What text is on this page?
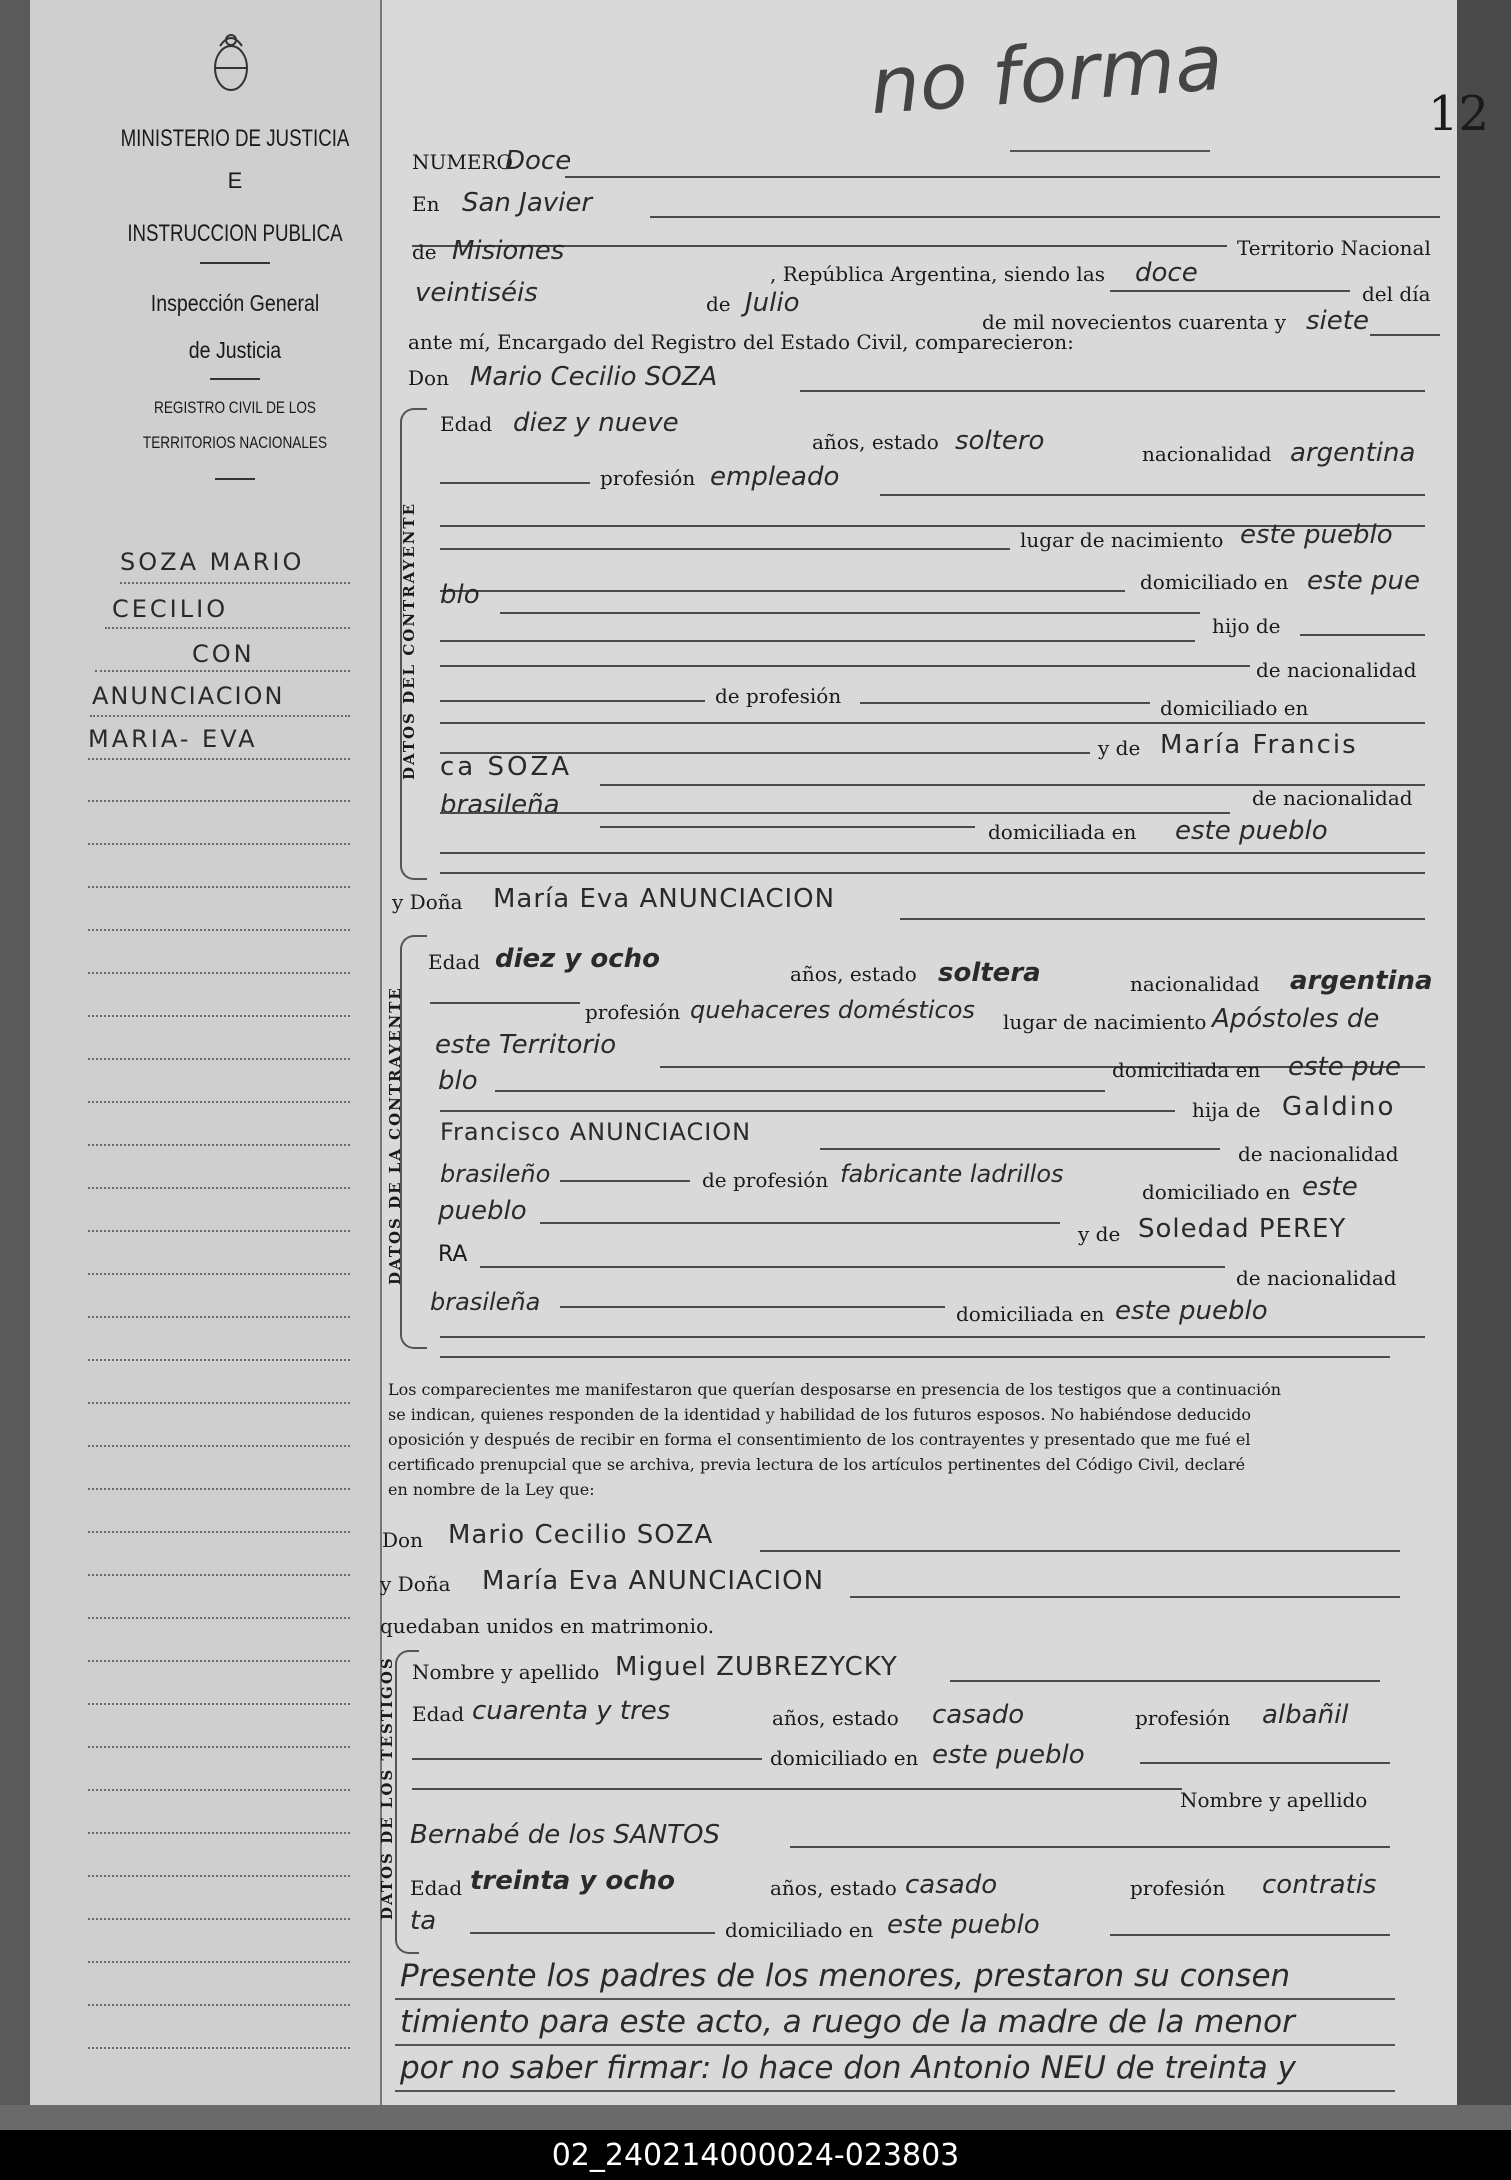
02_240214000024-023803
MINISTERIO DE JUSTICIA
E
INSTRUCCION PUBLICA
Inspección General
de Justicia
REGISTRO CIVIL DE LOS
TERRITORIOS NACIONALES
SOZA MARIO
CECILIO
CON
ANUNCIACION
MARIA- EVA
no forma	12
NUMERO
Doce
En San Javier
Territorio Nacional
de Misiones
, República Argentina, siendo las doce
del día
veintiséis	de Julio
de mil novecientos cuarenta y siete
ante mí, Encargado del Registro del Estado Civil, comparecieron:
Don Mario Cecilio SOZA
DATOS DEL CONTRAYENTE
Edad diez y nueve
años, estado soltero	nacionalidad argentina
profesión empleado
lugar de nacimiento este pueblo
domiciliado en este pue
blo
hijo de
de nacionalidad
de profesión	domiciliado en
y de María Francis
ca SOZA
brasileña	de nacionalidad
domiciliada en este pueblo
y Doña María Eva ANUNCIACION
DATOS DE LA CONTRAYENTE
Edad diez y ocho	años, estado soltera	nacionalidad argentina
profesión quehaceres domésticos lugar de nacimiento Apóstoles de
este Territorio
blo	domiciliada en este pue
hija de Galdino
Francisco ANUNCIACION
de nacionalidad
brasileño	de profesión fabricante ladrillos
domiciliado en este
pueblo
y de Soledad PEREY
RA
de nacionalidad
brasileña	domiciliada en este pueblo
Los comparecientes me manifestaron que querían desposarse en presencia de los testigos que a continuación
se indican, quienes responden de la identidad y habilidad de los futuros esposos. No habiéndose deducido
oposición y después de recibir en forma el consentimiento de los contrayentes y presentado que me fué el
certificado prenupcial que se archiva, previa lectura de los artículos pertinentes del Código Civil, declaré
en nombre de la Ley que:
Don Mario Cecilio SOZA
y Doña María Eva ANUNCIACION
quedaban unidos en matrimonio.
DATOS DE LOS TESTIGOS Nombre y apellido Miguel ZUBREZYCKY
Edad cuarenta y tres	años, estado casado	profesión albañil
domiciliado en este pueblo
Nombre y apellido
Bernabé de los SANTOS
Edad treinta y ocho	años, estado casado	profesión contratis
ta	domiciliado en este pueblo
Presente los padres de los menores, prestaron su consen
timiento para este acto, a ruego de la madre de la menor
por no saber firmar: lo hace don Antonio NEU de treinta y
